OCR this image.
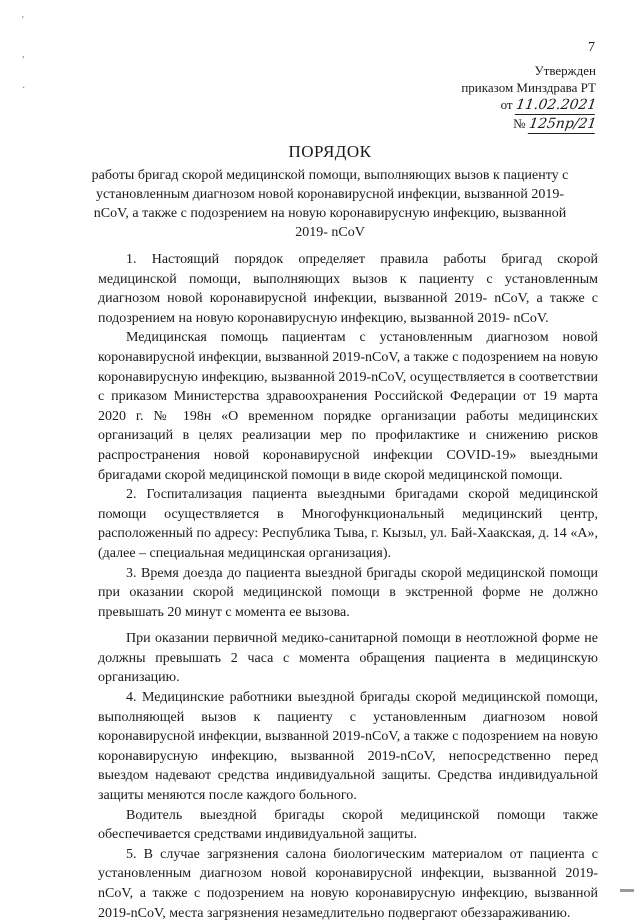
'
,
·
7
Утвержден
приказом Минздрава РТ
от 11.02.2021
№ 125пр/21
ПОРЯДОК
работы бригад скорой медицинской помощи, выполняющих вызов к пациенту с установленным диагнозом новой коронавирусной инфекции, вызванной 2019- nCoV, а также с подозрением на новую коронавирусную инфекцию, вызванной 2019- nCoV

1. Настоящий порядок определяет правила работы бригад скорой медицинской помощи, выполняющих вызов к пациенту с установленным диагнозом новой коронавирусной инфекции, вызванной 2019- nCoV, а также с подозрением на новую коронавирусную инфекцию, вызванной 2019- nCoV.

Медицинская помощь пациентам с установленным диагнозом новой коронавирусной инфекции, вызванной 2019-nCoV, а также с подозрением на новую коронавирусную инфекцию, вызванной 2019-nCoV, осуществляется в соответствии с приказом Министерства здравоохранения Российской Федерации от 19 марта 2020 г. № 198н «О временном порядке организации работы медицинских организаций в целях реализации мер по профилактике и снижению рисков распространения новой коронавирусной инфекции COVID-19» выездными бригадами скорой медицинской помощи в виде скорой медицинской помощи.

2. Госпитализация пациента выездными бригадами скорой медицинской помощи осуществляется в Многофункциональный медицинский центр, расположенный по адресу: Республика Тыва, г. Кызыл, ул. Бай-Хаакская, д. 14 «А», (далее – специальная медицинская организация).

3. Время доезда до пациента выездной бригады скорой медицинской помощи при оказании скорой медицинской помощи в экстренной форме не должно превышать 20 минут с момента ее вызова.

При оказании первичной медико-санитарной помощи в неотложной форме не должны превышать 2 часа с момента обращения пациента в медицинскую организацию.

4. Медицинские работники выездной бригады скорой медицинской помощи, выполняющей вызов к пациенту с установленным диагнозом новой коронавирусной инфекции, вызванной 2019-nCoV, а также с подозрением на новую коронавирусную инфекцию, вызванной 2019-nCoV, непосредственно перед выездом надевают средства индивидуальной защиты. Средства индивидуальной защиты меняются после каждого больного.

Водитель выездной бригады скорой медицинской помощи также обеспечивается средствами индивидуальной защиты.

5. В случае загрязнения салона биологическим материалом от пациента с установленным диагнозом новой коронавирусной инфекции, вызванной 2019- nCoV, а также с подозрением на новую коронавирусную инфекцию, вызванной 2019-nCoV, места загрязнения незамедлительно подвергают обеззараживанию.
